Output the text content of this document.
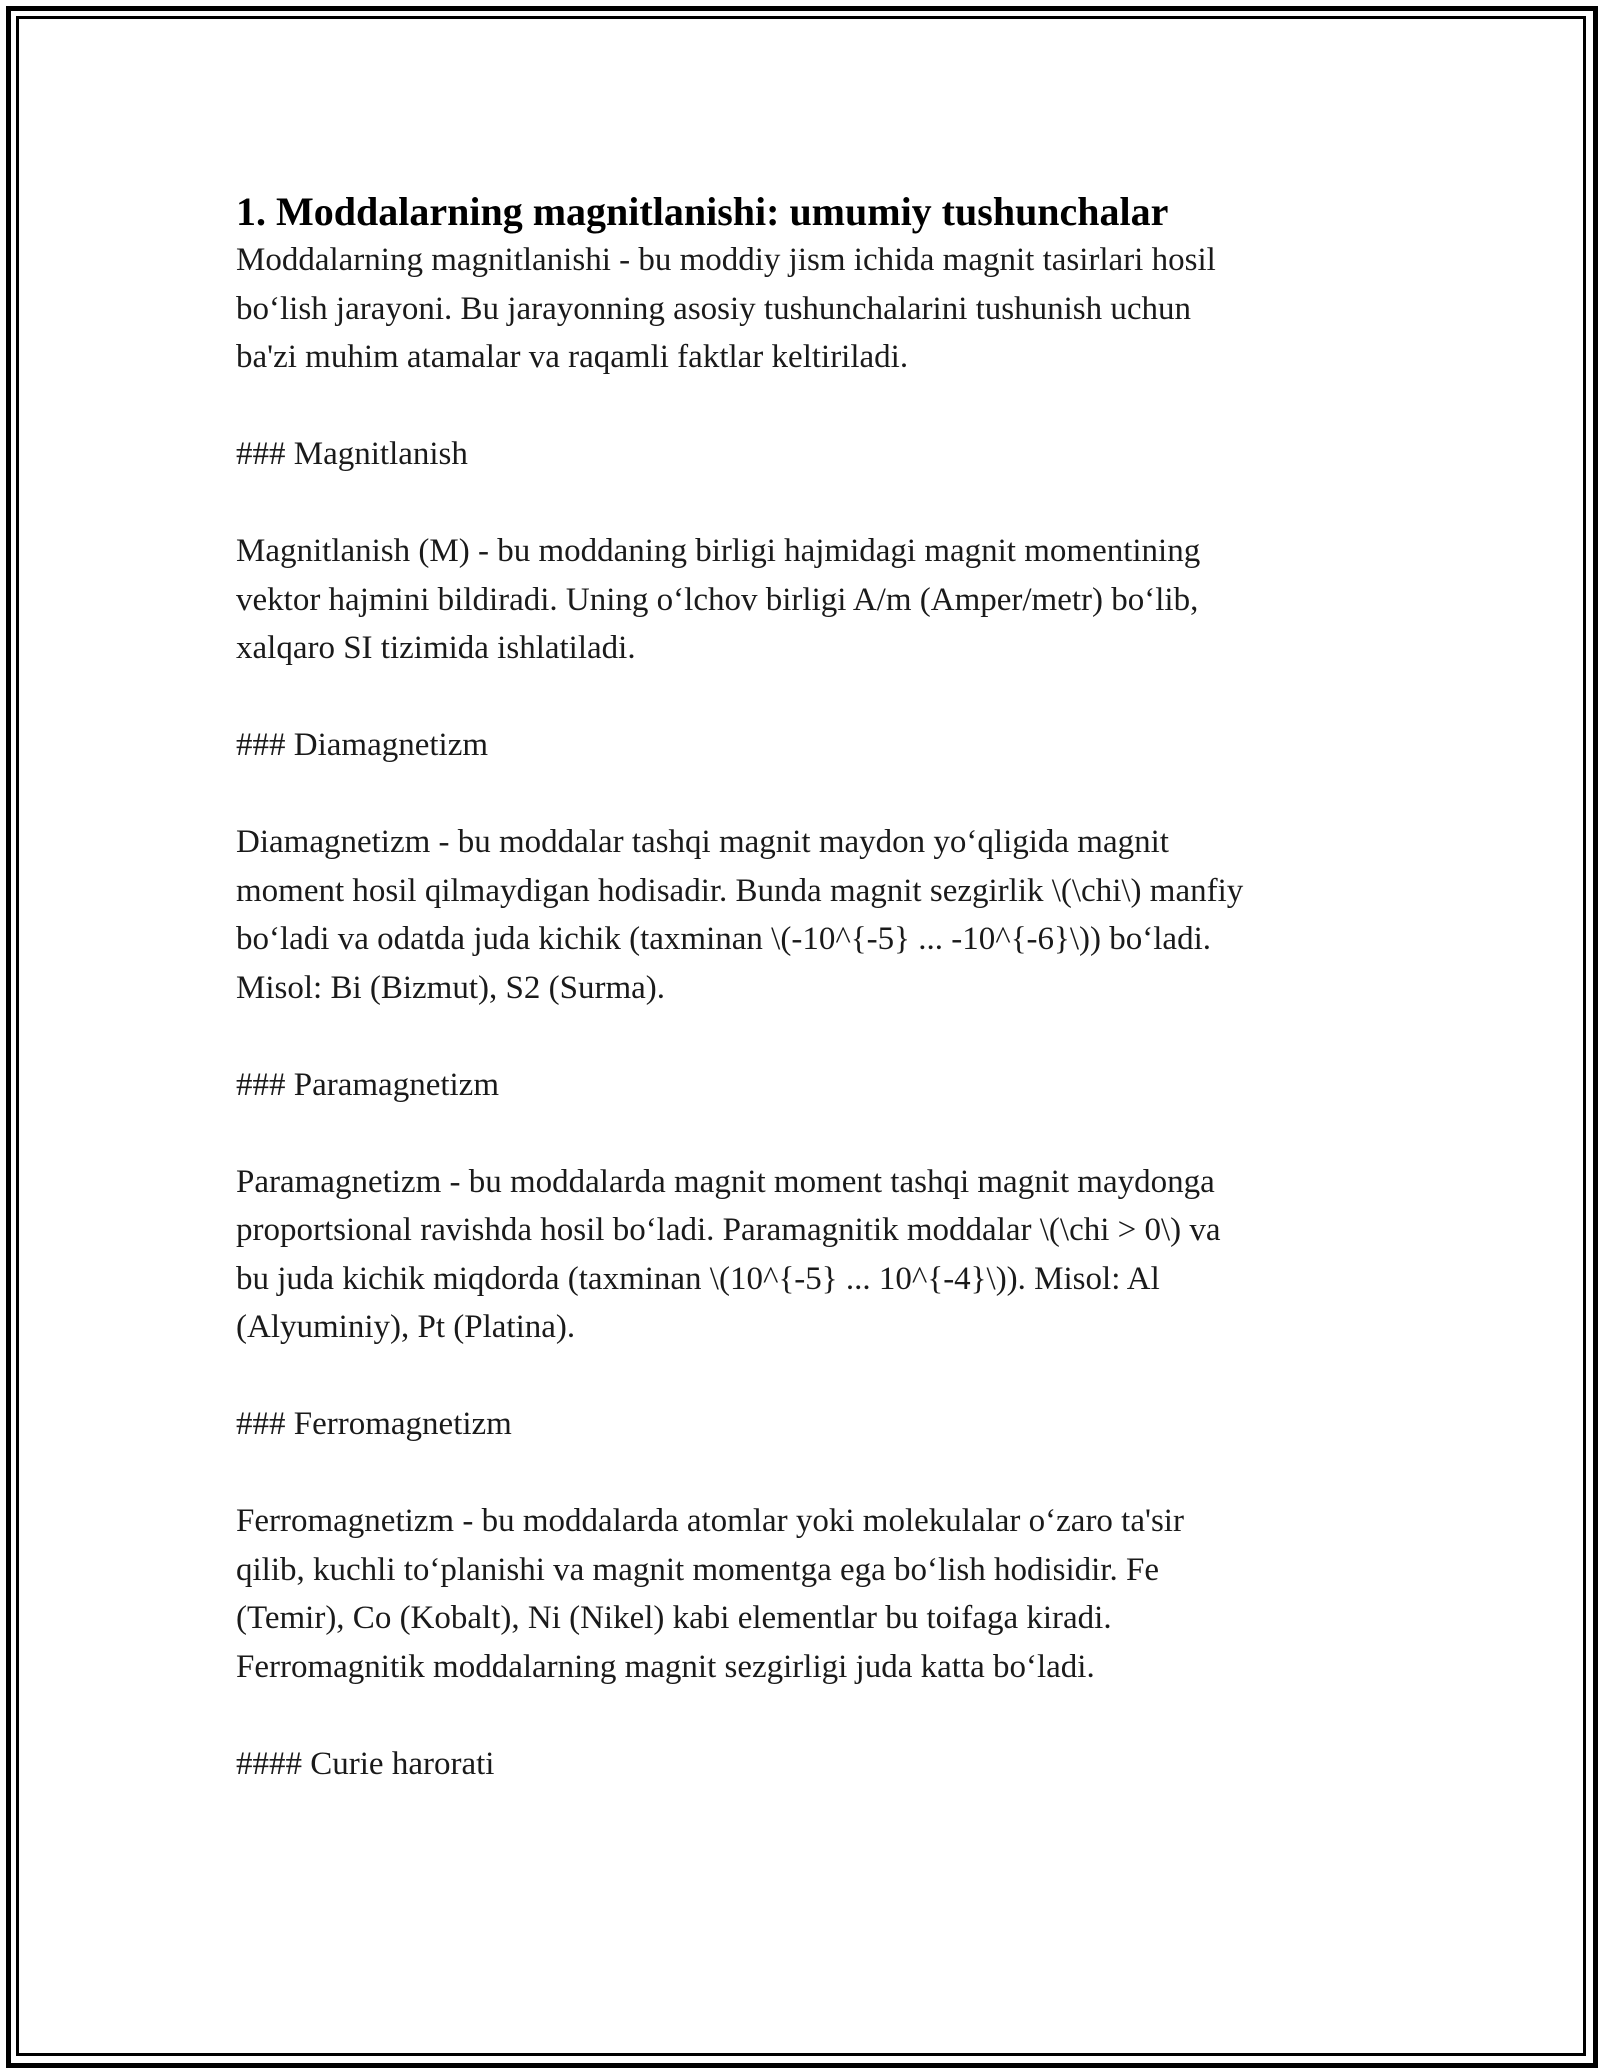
1. Moddalarning magnitlanishi: umumiy tushunchalar

Moddalarning magnitlanishi - bu moddiy jism ichida magnit tasirlari hosil
bo‘lish jarayoni. Bu jarayonning asosiy tushunchalarini tushunish uchun
ba'zi muhim atamalar va raqamli faktlar keltiriladi.

### Magnitlanish

Magnitlanish (M) - bu moddaning birligi hajmidagi magnit momentining
vektor hajmini bildiradi. Uning o‘lchov birligi A/m (Amper/metr) bo‘lib,
xalqaro SI tizimida ishlatiladi.

### Diamagnetizm

Diamagnetizm - bu moddalar tashqi magnit maydon yo‘qligida magnit
moment hosil qilmaydigan hodisadir. Bunda magnit sezgirlik \(\chi\) manfiy
bo‘ladi va odatda juda kichik (taxminan \(-10^{-5} ... -10^{-6}\)) bo‘ladi.
Misol: Bi (Bizmut), S2 (Surma).

### Paramagnetizm

Paramagnetizm - bu moddalarda magnit moment tashqi magnit maydonga
proportsional ravishda hosil bo‘ladi. Paramagnitik moddalar \(\chi > 0\) va
bu juda kichik miqdorda (taxminan \(10^{-5} ... 10^{-4}\)). Misol: Al
(Alyuminiy), Pt (Platina).

### Ferromagnetizm

Ferromagnetizm - bu moddalarda atomlar yoki molekulalar o‘zaro ta'sir
qilib, kuchli to‘planishi va magnit momentga ega bo‘lish hodisidir. Fe
(Temir), Co (Kobalt), Ni (Nikel) kabi elementlar bu toifaga kiradi.
Ferromagnitik moddalarning magnit sezgirligi juda katta bo‘ladi.

#### Curie harorati
